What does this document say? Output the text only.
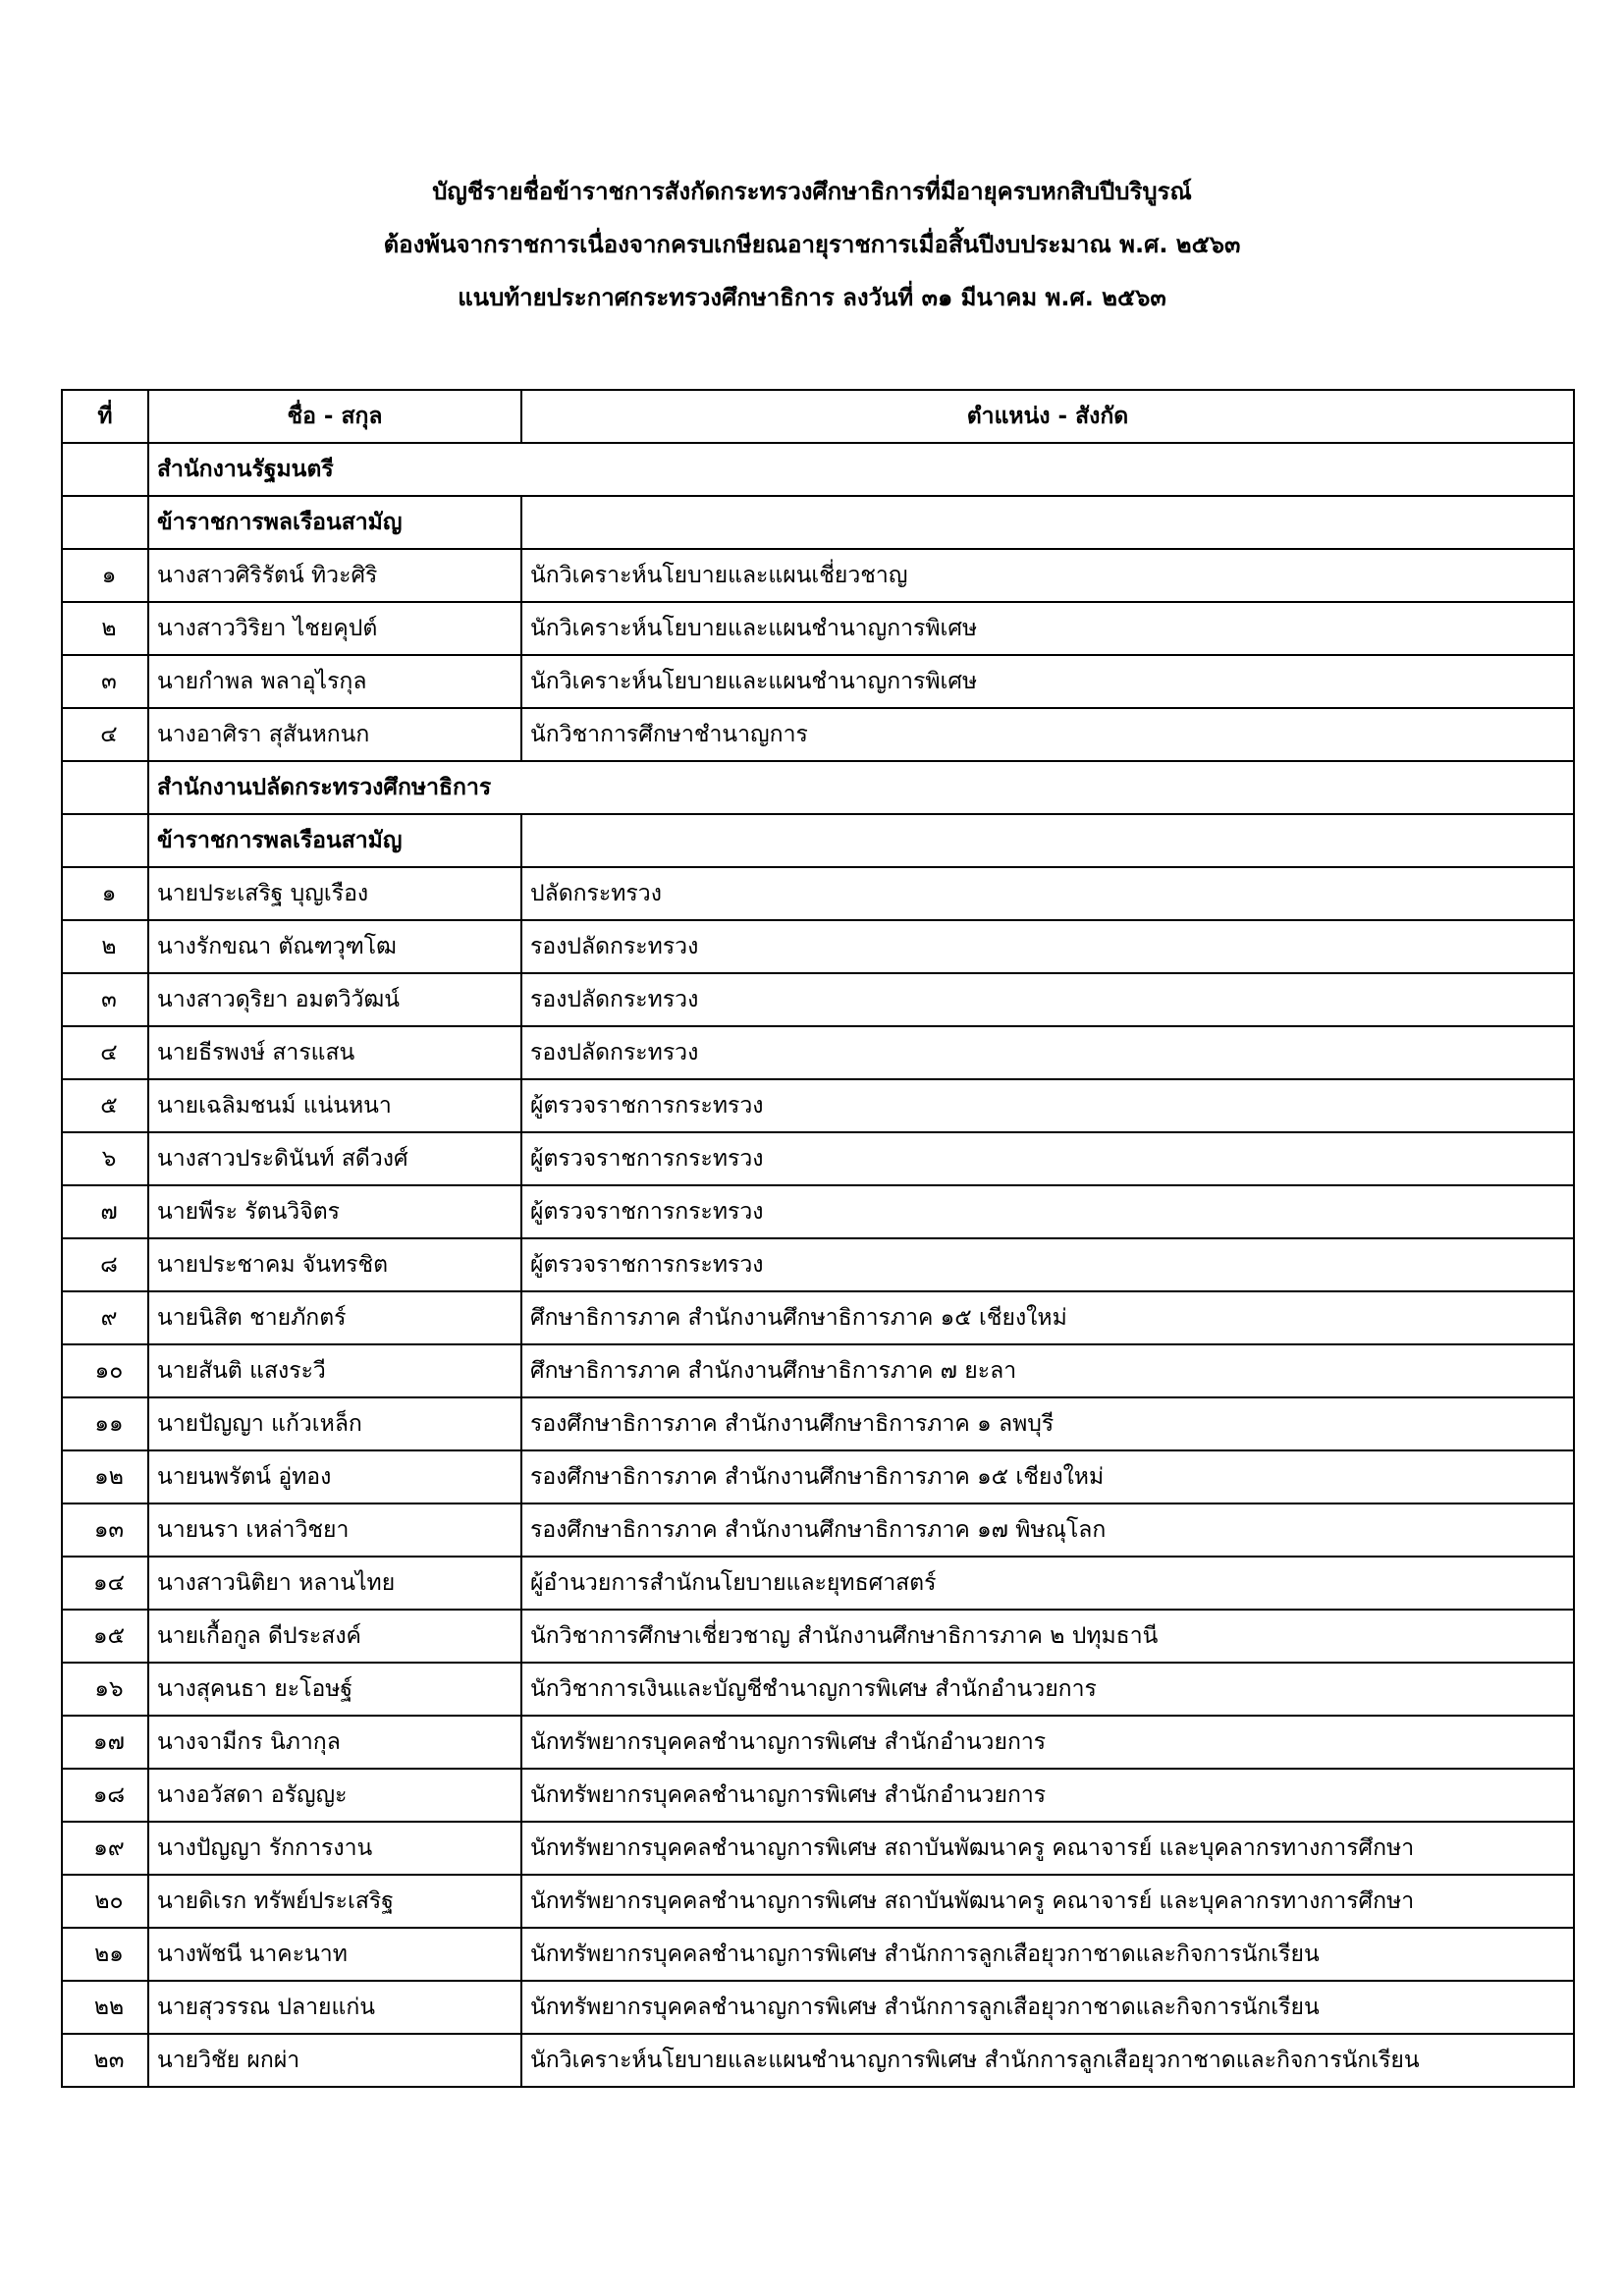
บัญชีรายชื่อข้าราชการสังกัดกระทรวงศึกษาธิการที่มีอายุครบหกสิบปีบริบูรณ์
ต้องพ้นจากราชการเนื่องจากครบเกษียณอายุราชการเมื่อสิ้นปีงบประมาณ พ.ศ. ๒๕๖๓
แนบท้ายประกาศกระทรวงศึกษาธิการ ลงวันที่ ๓๑ มีนาคม พ.ศ. ๒๕๖๓
ที่	ชื่อ - สกุล	ตำแหน่ง - สังกัด
	สำนักงานรัฐมนตรี	
	ข้าราชการพลเรือนสามัญ	
๑	นางสาวศิริรัตน์ ทิวะศิริ	นักวิเคราะห์นโยบายและแผนเชี่ยวชาญ
๒	นางสาววิริยา ไชยคุปต์	นักวิเคราะห์นโยบายและแผนชำนาญการพิเศษ
๓	นายกำพล พลาอุไรกุล	นักวิเคราะห์นโยบายและแผนชำนาญการพิเศษ
๔	นางอาศิรา สุสันหกนก	นักวิชาการศึกษาชำนาญการ
	สำนักงานปลัดกระทรวงศึกษาธิการ	
	ข้าราชการพลเรือนสามัญ	
๑	นายประเสริฐ บุญเรือง	ปลัดกระทรวง
๒	นางรักขณา ตัณฑวุฑโฒ	รองปลัดกระทรวง
๓	นางสาวดุริยา อมตวิวัฒน์	รองปลัดกระทรวง
๔	นายธีรพงษ์ สารแสน	รองปลัดกระทรวง
๕	นายเฉลิมชนม์ แน่นหนา	ผู้ตรวจราชการกระทรวง
๖	นางสาวประดินันท์ สดีวงศ์	ผู้ตรวจราชการกระทรวง
๗	นายพีระ รัตนวิจิตร	ผู้ตรวจราชการกระทรวง
๘	นายประชาคม จันทรชิต	ผู้ตรวจราชการกระทรวง
๙	นายนิสิต ชายภักตร์	ศึกษาธิการภาค สำนักงานศึกษาธิการภาค ๑๕ เชียงใหม่
๑๐	นายสันติ แสงระวี	ศึกษาธิการภาค สำนักงานศึกษาธิการภาค ๗ ยะลา
๑๑	นายปัญญา แก้วเหล็ก	รองศึกษาธิการภาค สำนักงานศึกษาธิการภาค ๑ ลพบุรี
๑๒	นายนพรัตน์ อู่ทอง	รองศึกษาธิการภาค สำนักงานศึกษาธิการภาค ๑๕ เชียงใหม่
๑๓	นายนรา เหล่าวิชยา	รองศึกษาธิการภาค สำนักงานศึกษาธิการภาค ๑๗ พิษณุโลก
๑๔	นางสาวนิติยา หลานไทย	ผู้อำนวยการสำนักนโยบายและยุทธศาสตร์
๑๕	นายเกื้อกูล ดีประสงค์	นักวิชาการศึกษาเชี่ยวชาญ สำนักงานศึกษาธิการภาค ๒ ปทุมธานี
๑๖	นางสุคนธา ยะโอษฐ์	นักวิชาการเงินและบัญชีชำนาญการพิเศษ สำนักอำนวยการ
๑๗	นางจามีกร นิภากุล	นักทรัพยากรบุคคลชำนาญการพิเศษ สำนักอำนวยการ
๑๘	นางอวัสดา อรัญญะ	นักทรัพยากรบุคคลชำนาญการพิเศษ สำนักอำนวยการ
๑๙	นางปัญญา รักการงาน	นักทรัพยากรบุคคลชำนาญการพิเศษ สถาบันพัฒนาครู คณาจารย์ และบุคลากรทางการศึกษา
๒๐	นายดิเรก ทรัพย์ประเสริฐ	นักทรัพยากรบุคคลชำนาญการพิเศษ สถาบันพัฒนาครู คณาจารย์ และบุคลากรทางการศึกษา
๒๑	นางพัชนี นาคะนาท	นักทรัพยากรบุคคลชำนาญการพิเศษ สำนักการลูกเสือยุวกาชาดและกิจการนักเรียน
๒๒	นายสุวรรณ ปลายแก่น	นักทรัพยากรบุคคลชำนาญการพิเศษ สำนักการลูกเสือยุวกาชาดและกิจการนักเรียน
๒๓	นายวิชัย ผกผ่า	นักวิเคราะห์นโยบายและแผนชำนาญการพิเศษ สำนักการลูกเสือยุวกาชาดและกิจการนักเรียน
